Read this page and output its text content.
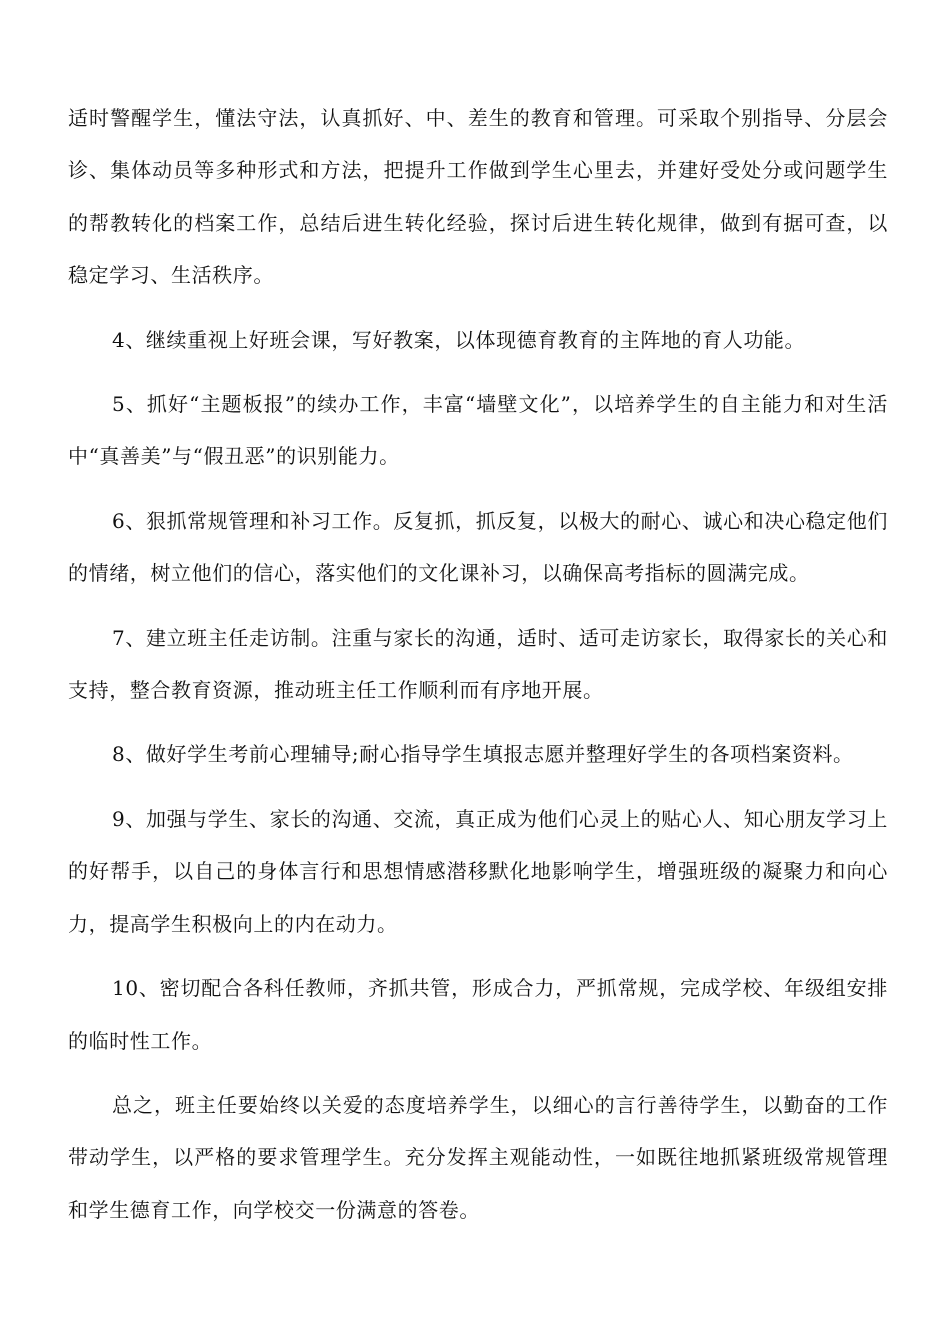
适时警醒学生，懂法守法，认真抓好、中、差生的教育和管理。可采取个别指导、分层会诊、集体动员等多种形式和方法，把提升工作做到学生心里去，并建好受处分或问题学生的帮教转化的档案工作，总结后进生转化经验，探讨后进生转化规律，做到有据可查，以稳定学习、生活秩序。

4、继续重视上好班会课，写好教案，以体现德育教育的主阵地的育人功能。

5、抓好“主题板报”的续办工作，丰富“墙壁文化”，以培养学生的自主能力和对生活中“真善美”与“假丑恶”的识别能力。

6、狠抓常规管理和补习工作。反复抓，抓反复，以极大的耐心、诚心和决心稳定他们的情绪，树立他们的信心，落实他们的文化课补习，以确保高考指标的圆满完成。

7、建立班主任走访制。注重与家长的沟通，适时、适可走访家长，取得家长的关心和支持，整合教育资源，推动班主任工作顺利而有序地开展。

8、做好学生考前心理辅导;耐心指导学生填报志愿并整理好学生的各项档案资料。

9、加强与学生、家长的沟通、交流，真正成为他们心灵上的贴心人、知心朋友学习上的好帮手，以自己的身体言行和思想情感潜移默化地影响学生，增强班级的凝聚力和向心力，提高学生积极向上的内在动力。

10、密切配合各科任教师，齐抓共管，形成合力，严抓常规，完成学校、年级组安排的临时性工作。

总之，班主任要始终以关爱的态度培养学生，以细心的言行善待学生，以勤奋的工作带动学生，以严格的要求管理学生。充分发挥主观能动性，一如既往地抓紧班级常规管理和学生德育工作，向学校交一份满意的答卷。
